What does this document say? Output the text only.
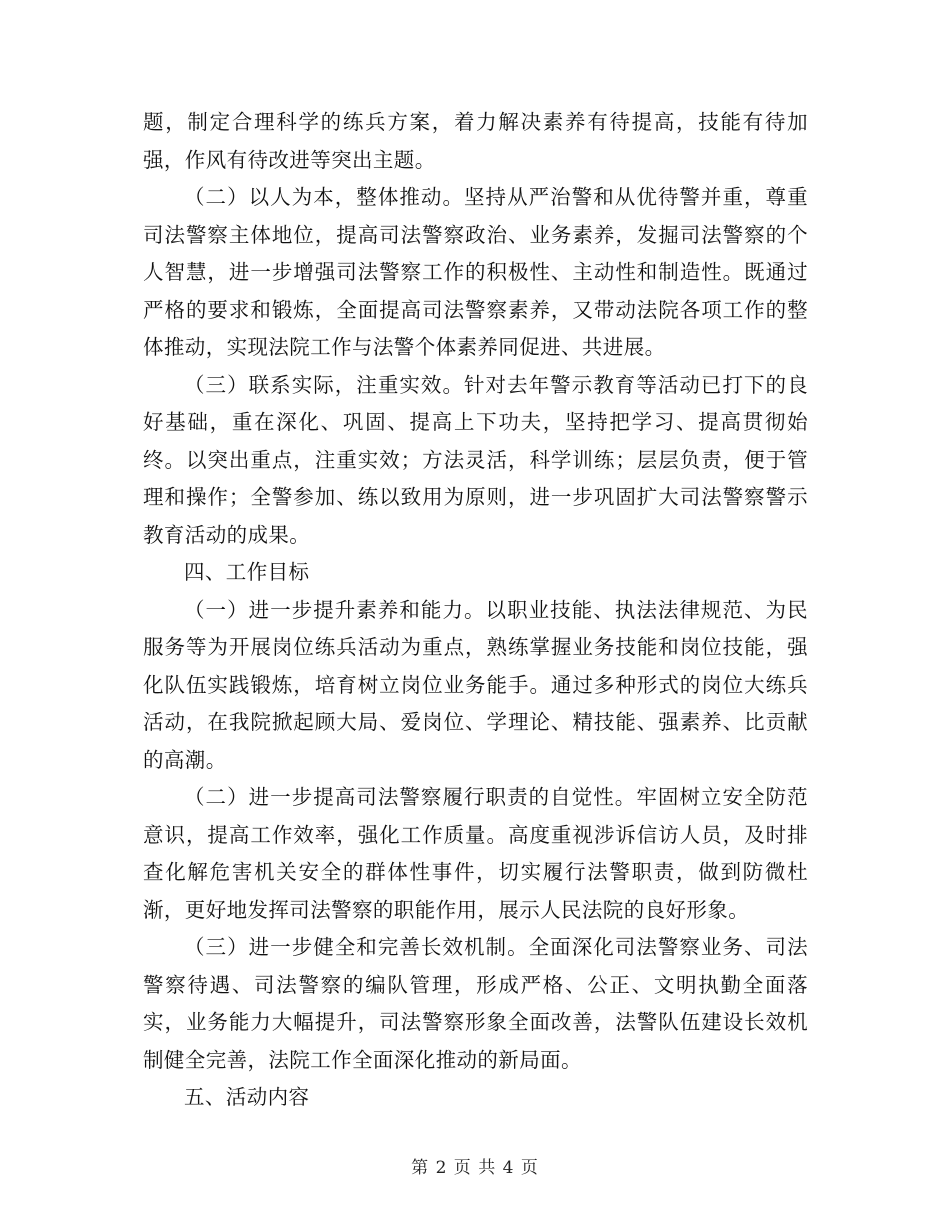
题，制定合理科学的练兵方案，着力解决素养有待提高，技能有待加强，作风有待改进等突出主题。

（二）以人为本，整体推动。坚持从严治警和从优待警并重，尊重司法警察主体地位，提高司法警察政治、业务素养，发掘司法警察的个人智慧，进一步增强司法警察工作的积极性、主动性和制造性。既通过严格的要求和锻炼，全面提高司法警察素养，又带动法院各项工作的整体推动，实现法院工作与法警个体素养同促进、共进展。

（三）联系实际，注重实效。针对去年警示教育等活动已打下的良好基础，重在深化、巩固、提高上下功夫，坚持把学习、提高贯彻始终。以突出重点，注重实效；方法灵活，科学训练；层层负责，便于管理和操作；全警参加、练以致用为原则，进一步巩固扩大司法警察警示教育活动的成果。

四、工作目标

（一）进一步提升素养和能力。以职业技能、执法法律规范、为民服务等为开展岗位练兵活动为重点，熟练掌握业务技能和岗位技能，强化队伍实践锻炼，培育树立岗位业务能手。通过多种形式的岗位大练兵活动，在我院掀起顾大局、爱岗位、学理论、精技能、强素养、比贡献的高潮。

（二）进一步提高司法警察履行职责的自觉性。牢固树立安全防范意识，提高工作效率，强化工作质量。高度重视涉诉信访人员，及时排查化解危害机关安全的群体性事件，切实履行法警职责，做到防微杜渐，更好地发挥司法警察的职能作用，展示人民法院的良好形象。

（三）进一步健全和完善长效机制。全面深化司法警察业务、司法警察待遇、司法警察的编队管理，形成严格、公正、文明执勤全面落实，业务能力大幅提升，司法警察形象全面改善，法警队伍建设长效机制健全完善，法院工作全面深化推动的新局面。

五、活动内容

第 2 页 共 4 页
